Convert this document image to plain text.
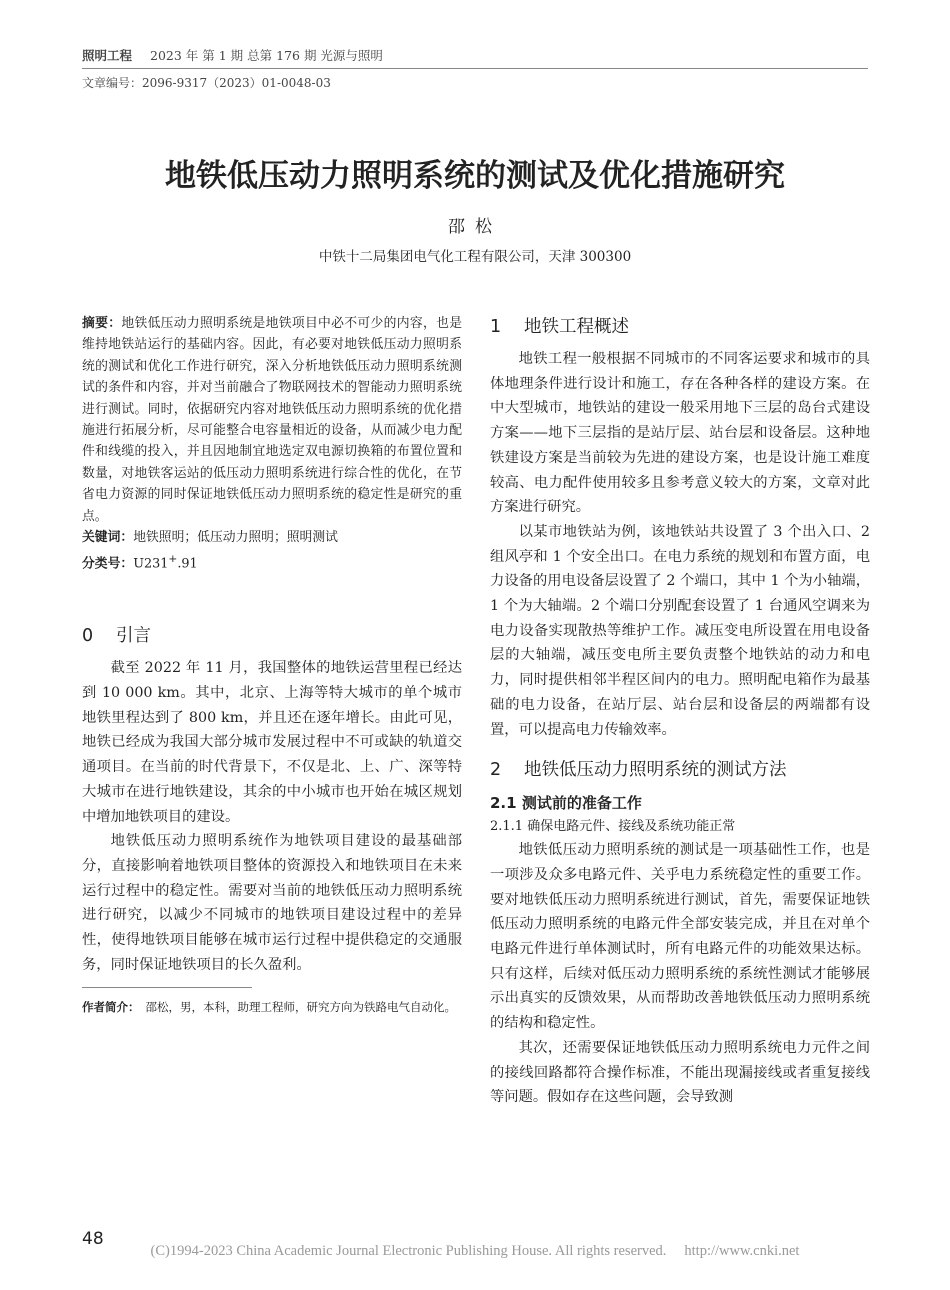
照明工程 2023 年 第 1 期 总第 176 期 光源与照明
文章编号：2096-9317（2023）01-0048-03
地铁低压动力照明系统的测试及优化措施研究
邵松
中铁十二局集团电气化工程有限公司，天津 300300
摘要：地铁低压动力照明系统是地铁项目中必不可少的内容，也是维持地铁站运行的基础内容。因此，有必要对地铁低压动力照明系统的测试和优化工作进行研究，深入分析地铁低压动力照明系统测试的条件和内容，并对当前融合了物联网技术的智能动力照明系统进行测试。同时，依据研究内容对地铁低压动力照明系统的优化措施进行拓展分析，尽可能整合电容量相近的设备，从而减少电力配件和线缆的投入，并且因地制宜地选定双电源切换箱的布置位置和数量，对地铁客运站的低压动力照明系统进行综合性的优化，在节省电力资源的同时保证地铁低压动力照明系统的稳定性是研究的重点。
关键词：地铁照明；低压动力照明；照明测试
分类号：U231+.91
0 引言

截至 2022 年 11 月，我国整体的地铁运营里程已经达到 10 000 km。其中，北京、上海等特大城市的单个城市地铁里程达到了 800 km，并且还在逐年增长。由此可见，地铁已经成为我国大部分城市发展过程中不可或缺的轨道交通项目。在当前的时代背景下，不仅是北、上、广、深等特大城市在进行地铁建设，其余的中小城市也开始在城区规划中增加地铁项目的建设。

地铁低压动力照明系统作为地铁项目建设的最基础部分，直接影响着地铁项目整体的资源投入和地铁项目在未来运行过程中的稳定性。需要对当前的地铁低压动力照明系统进行研究，以减少不同城市的地铁项目建设过程中的差异性，使得地铁项目能够在城市运行过程中提供稳定的交通服务，同时保证地铁项目的长久盈利。

作者简介： 邵松，男，本科，助理工程师，研究方向为铁路电气自动化。
1 地铁工程概述

地铁工程一般根据不同城市的不同客运要求和城市的具体地理条件进行设计和施工，存在各种各样的建设方案。在中大型城市，地铁站的建设一般采用地下三层的岛台式建设方案——地下三层指的是站厅层、站台层和设备层。这种地铁建设方案是当前较为先进的建设方案，也是设计施工难度较高、电力配件使用较多且参考意义较大的方案，文章对此方案进行研究。

以某市地铁站为例，该地铁站共设置了 3 个出入口、2 组风亭和 1 个安全出口。在电力系统的规划和布置方面，电力设备的用电设备层设置了 2 个端口，其中 1 个为小轴端，1 个为大轴端。2 个端口分别配套设置了 1 台通风空调来为电力设备实现散热等维护工作。减压变电所设置在用电设备层的大轴端，减压变电所主要负责整个地铁站的动力和电力，同时提供相邻半程区间内的电力。照明配电箱作为最基础的电力设备，在站厅层、站台层和设备层的两端都有设置，可以提高电力传输效率。

2 地铁低压动力照明系统的测试方法
2.1 测试前的准备工作
2.1.1 确保电路元件、接线及系统功能正常

地铁低压动力照明系统的测试是一项基础性工作，也是一项涉及众多电路元件、关乎电力系统稳定性的重要工作。要对地铁低压动力照明系统进行测试，首先，需要保证地铁低压动力照明系统的电路元件全部安装完成，并且在对单个电路元件进行单体测试时，所有电路元件的功能效果达标。只有这样，后续对低压动力照明系统的系统性测试才能够展示出真实的反馈效果，从而帮助改善地铁低压动力照明系统的结构和稳定性。

其次，还需要保证地铁低压动力照明系统电力元件之间的接线回路都符合操作标准，不能出现漏接线或者重复接线等问题。假如存在这些问题，会导致测

48
(C)1994-2023 China Academic Journal Electronic Publishing House. All rights reserved. http://www.cnki.net
